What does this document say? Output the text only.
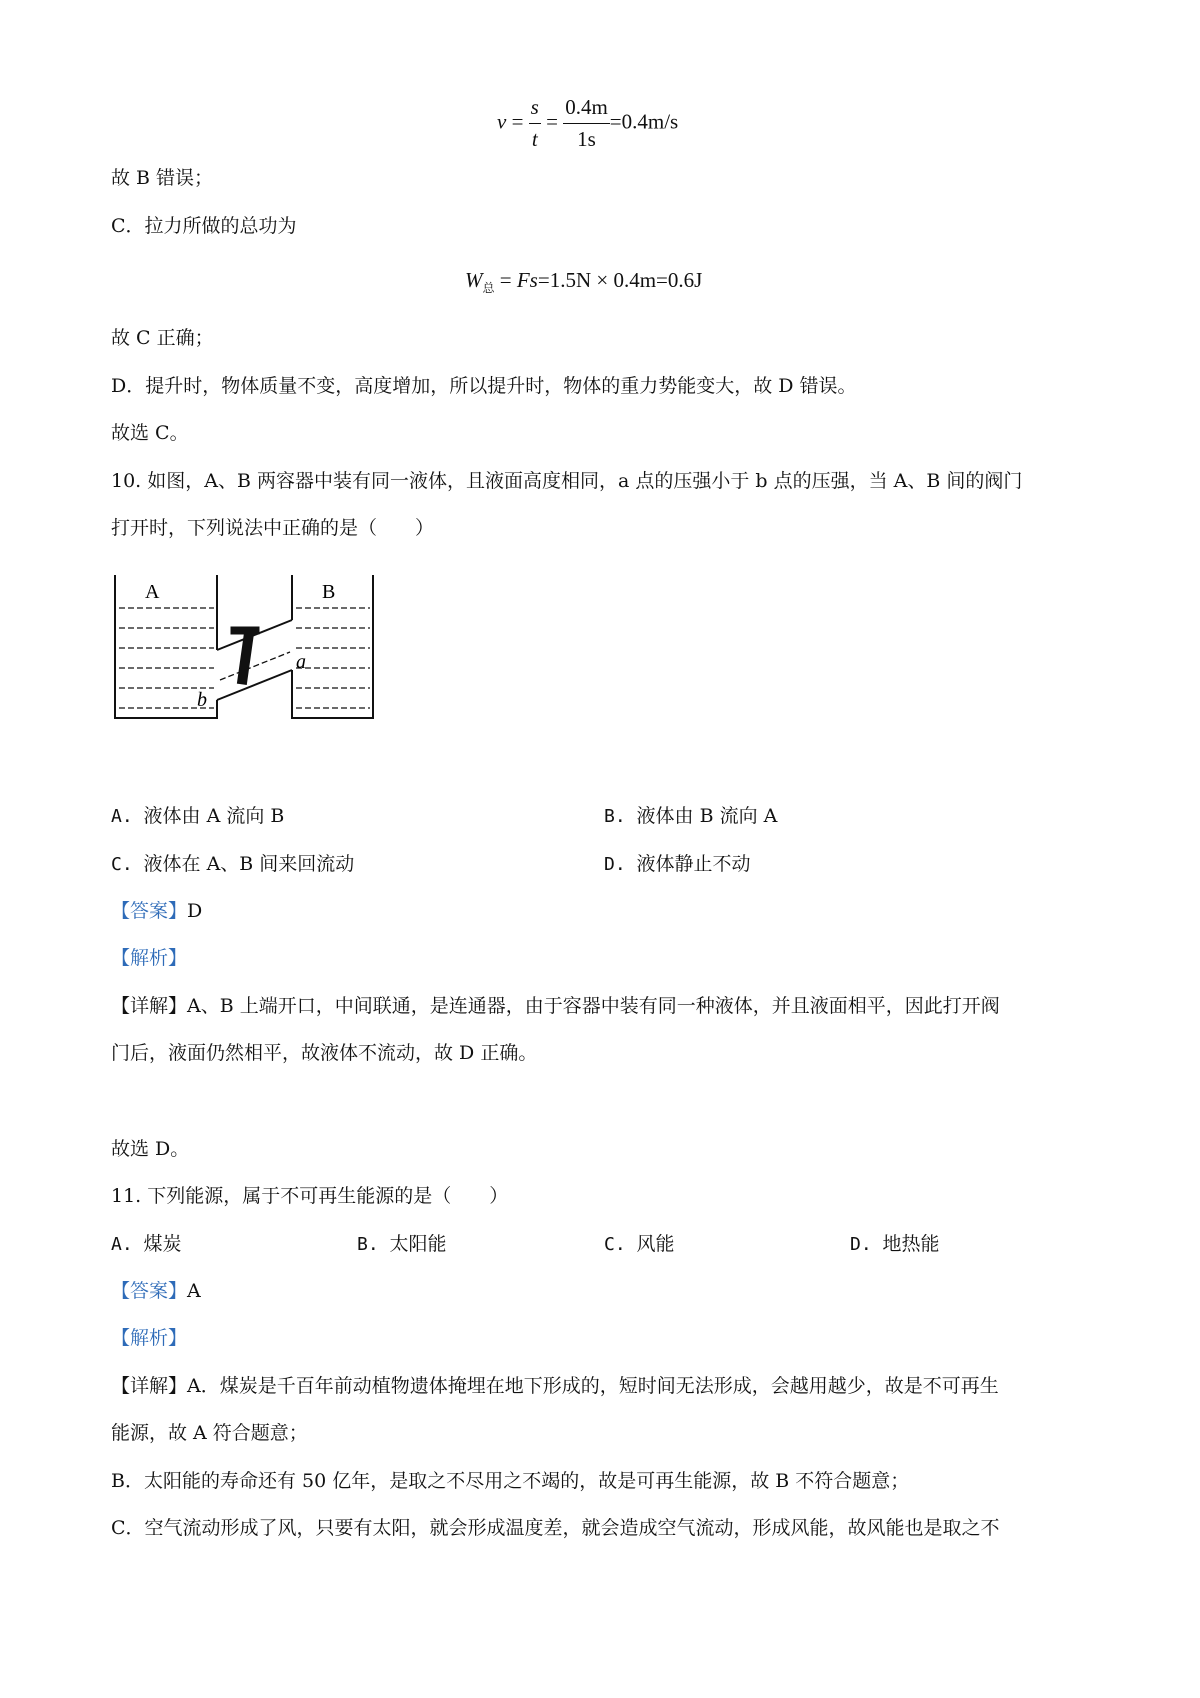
$v = \frac{s}{t} = \frac{0.4m}{1s} =0.4m/s$
故 B 错误；
C．拉力所做的总功为
$W_总 = Fs=1.5N \times 0.4m=0.6J$
故 C 正确；
D．提升时，物体质量不变，高度增加，所以提升时，物体的重力势能变大，故 D 错误。
故选 C。
10. 如图，A、B 两容器中装有同一液体，且液面高度相同，a 点的压强小于 b 点的压强，当 A、B 间的阀门
打开时，下列说法中正确的是（　　）
A	B
a
b
A. 液体由 A 流向 B	B. 液体由 B 流向 A
C. 液体在 A、B 间来回流动	D. 液体静止不动
【答案】D
【解析】
【详解】A、B 上端开口，中间联通，是连通器，由于容器中装有同一种液体，并且液面相平，因此打开阀
门后，液面仍然相平，故液体不流动，故 D 正确。
故选 D。
11. 下列能源，属于不可再生能源的是（　　）
A. 煤炭	B. 太阳能	C. 风能	D. 地热能
【答案】A
【解析】
【详解】A．煤炭是千百年前动植物遗体掩埋在地下形成的，短时间无法形成，会越用越少，故是不可再生
能源，故 A 符合题意；
B．太阳能的寿命还有 50 亿年，是取之不尽用之不竭的，故是可再生能源，故 B 不符合题意；
C．空气流动形成了风，只要有太阳，就会形成温度差，就会造成空气流动，形成风能，故风能也是取之不
